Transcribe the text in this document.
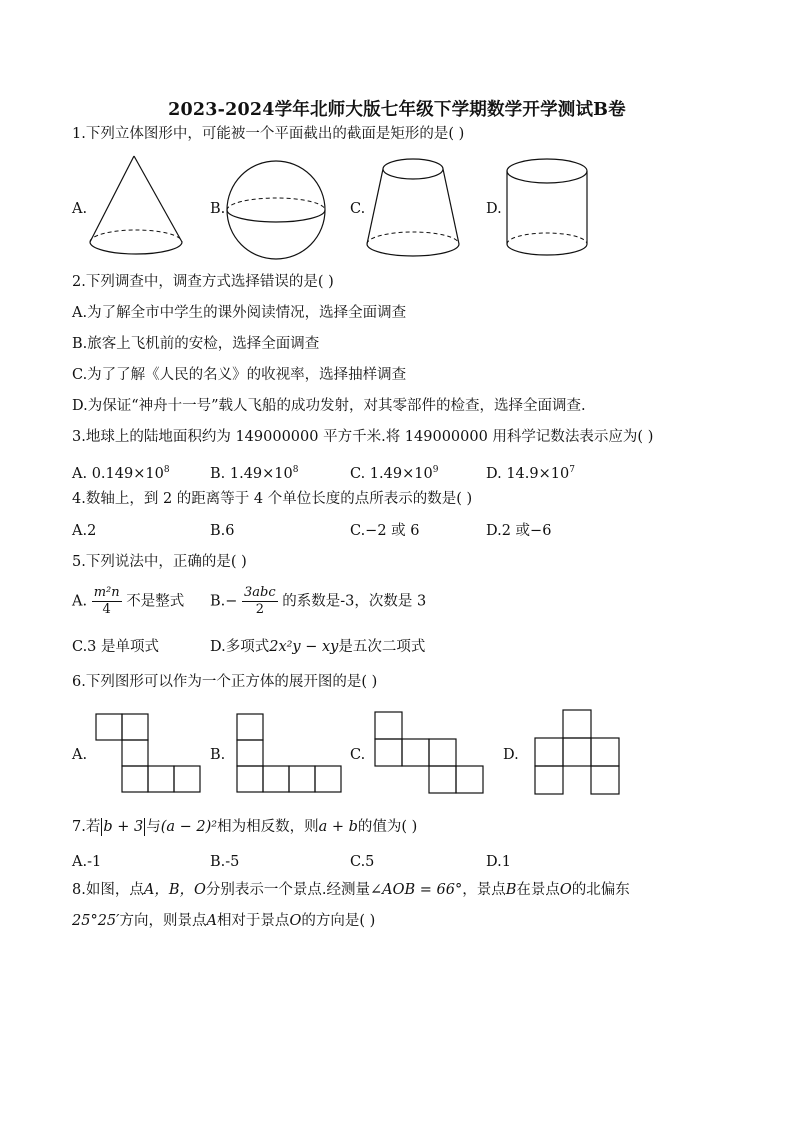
2023-2024学年北师大版七年级下学期数学开学测试B卷
1.下列立体图形中，可能被一个平面截出的截面是矩形的是( )
A.	B.	C.	D.
2.下列调查中，调查方式选择错误的是( )
A.为了解全市中学生的课外阅读情况，选择全面调查
B.旅客上飞机前的安检，选择全面调查
C.为了了解《人民的名义》的收视率，选择抽样调查
D.为保证“神舟十一号”载人飞船的成功发射，对其零部件的检查，选择全面调查.
3.地球上的陆地面积约为 149000000 平方千米.将 149000000 用科学记数法表示应为( )
A. $0.149\times 10^8$	B. $1.49\times 10^8$	C. $1.49\times 10^9$	D. $14.9\times 10^7$
4.数轴上，到 2 的距离等于 4 个单位长度的点所表示的数是( )
A.2	B.6	C.−2 或 6	D.2 或−6
5.下列说法中，正确的是( )
A. $\frac{\text{m²n}}{4}$ 不是整式 $B.- \frac{\text{3abc}}{2}$ 的系数是-3，次数是 3
C.3 是单项式	D.多项式2x²y − xy是五次二项式
6.下列图形可以作为一个正方体的展开图的是( )
A.	B.	C.	D.
7.若 b + 3 与(a − 2)²相为相反数，则a + b的值为( )
A.-1	B.-5	C.5	D.1
8.如图，点A，B，O分别表示一个景点.经测量∠AOB = 66°，景点B在景点O的北偏东
25°25′方向，则景点A相对于景点O的方向是( )
